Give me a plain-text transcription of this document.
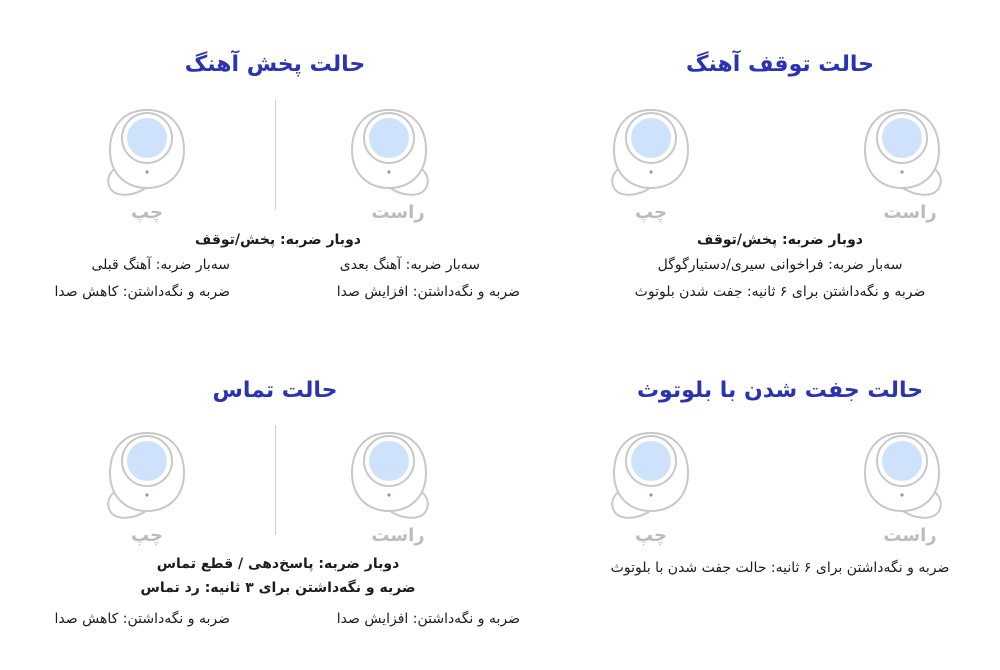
حالت پخش آهنگ
چپ	راست
دوبار ضربه: پخش/توقف
سه‌بار ضربه: آهنگ بعدی
سه‌بار ضربه: آهنگ قبلی
ضربه و نگه‌داشتن: افزایش صدا
ضربه و نگه‌داشتن: کاهش صدا
حالت توقف آهنگ
چپ	راست
دوبار ضربه: پخش/توقف
سه‌بار ضربه: فراخوانی سیری/دستیارگوگل
ضربه و نگه‌داشتن برای ۶ ثانیه: جفت شدن بلوتوث
حالت تماس
چپ	راست
دوبار ضربه: پاسخ‌دهی / قطع تماس
ضربه و نگه‌داشتن برای ۳ ثانیه: رد تماس
ضربه و نگه‌داشتن: افزایش صدا
ضربه و نگه‌داشتن: کاهش صدا
حالت جفت شدن با بلوتوث
چپ	راست
ضربه و نگه‌داشتن برای ۶ ثانیه: حالت جفت شدن با بلوتوث
